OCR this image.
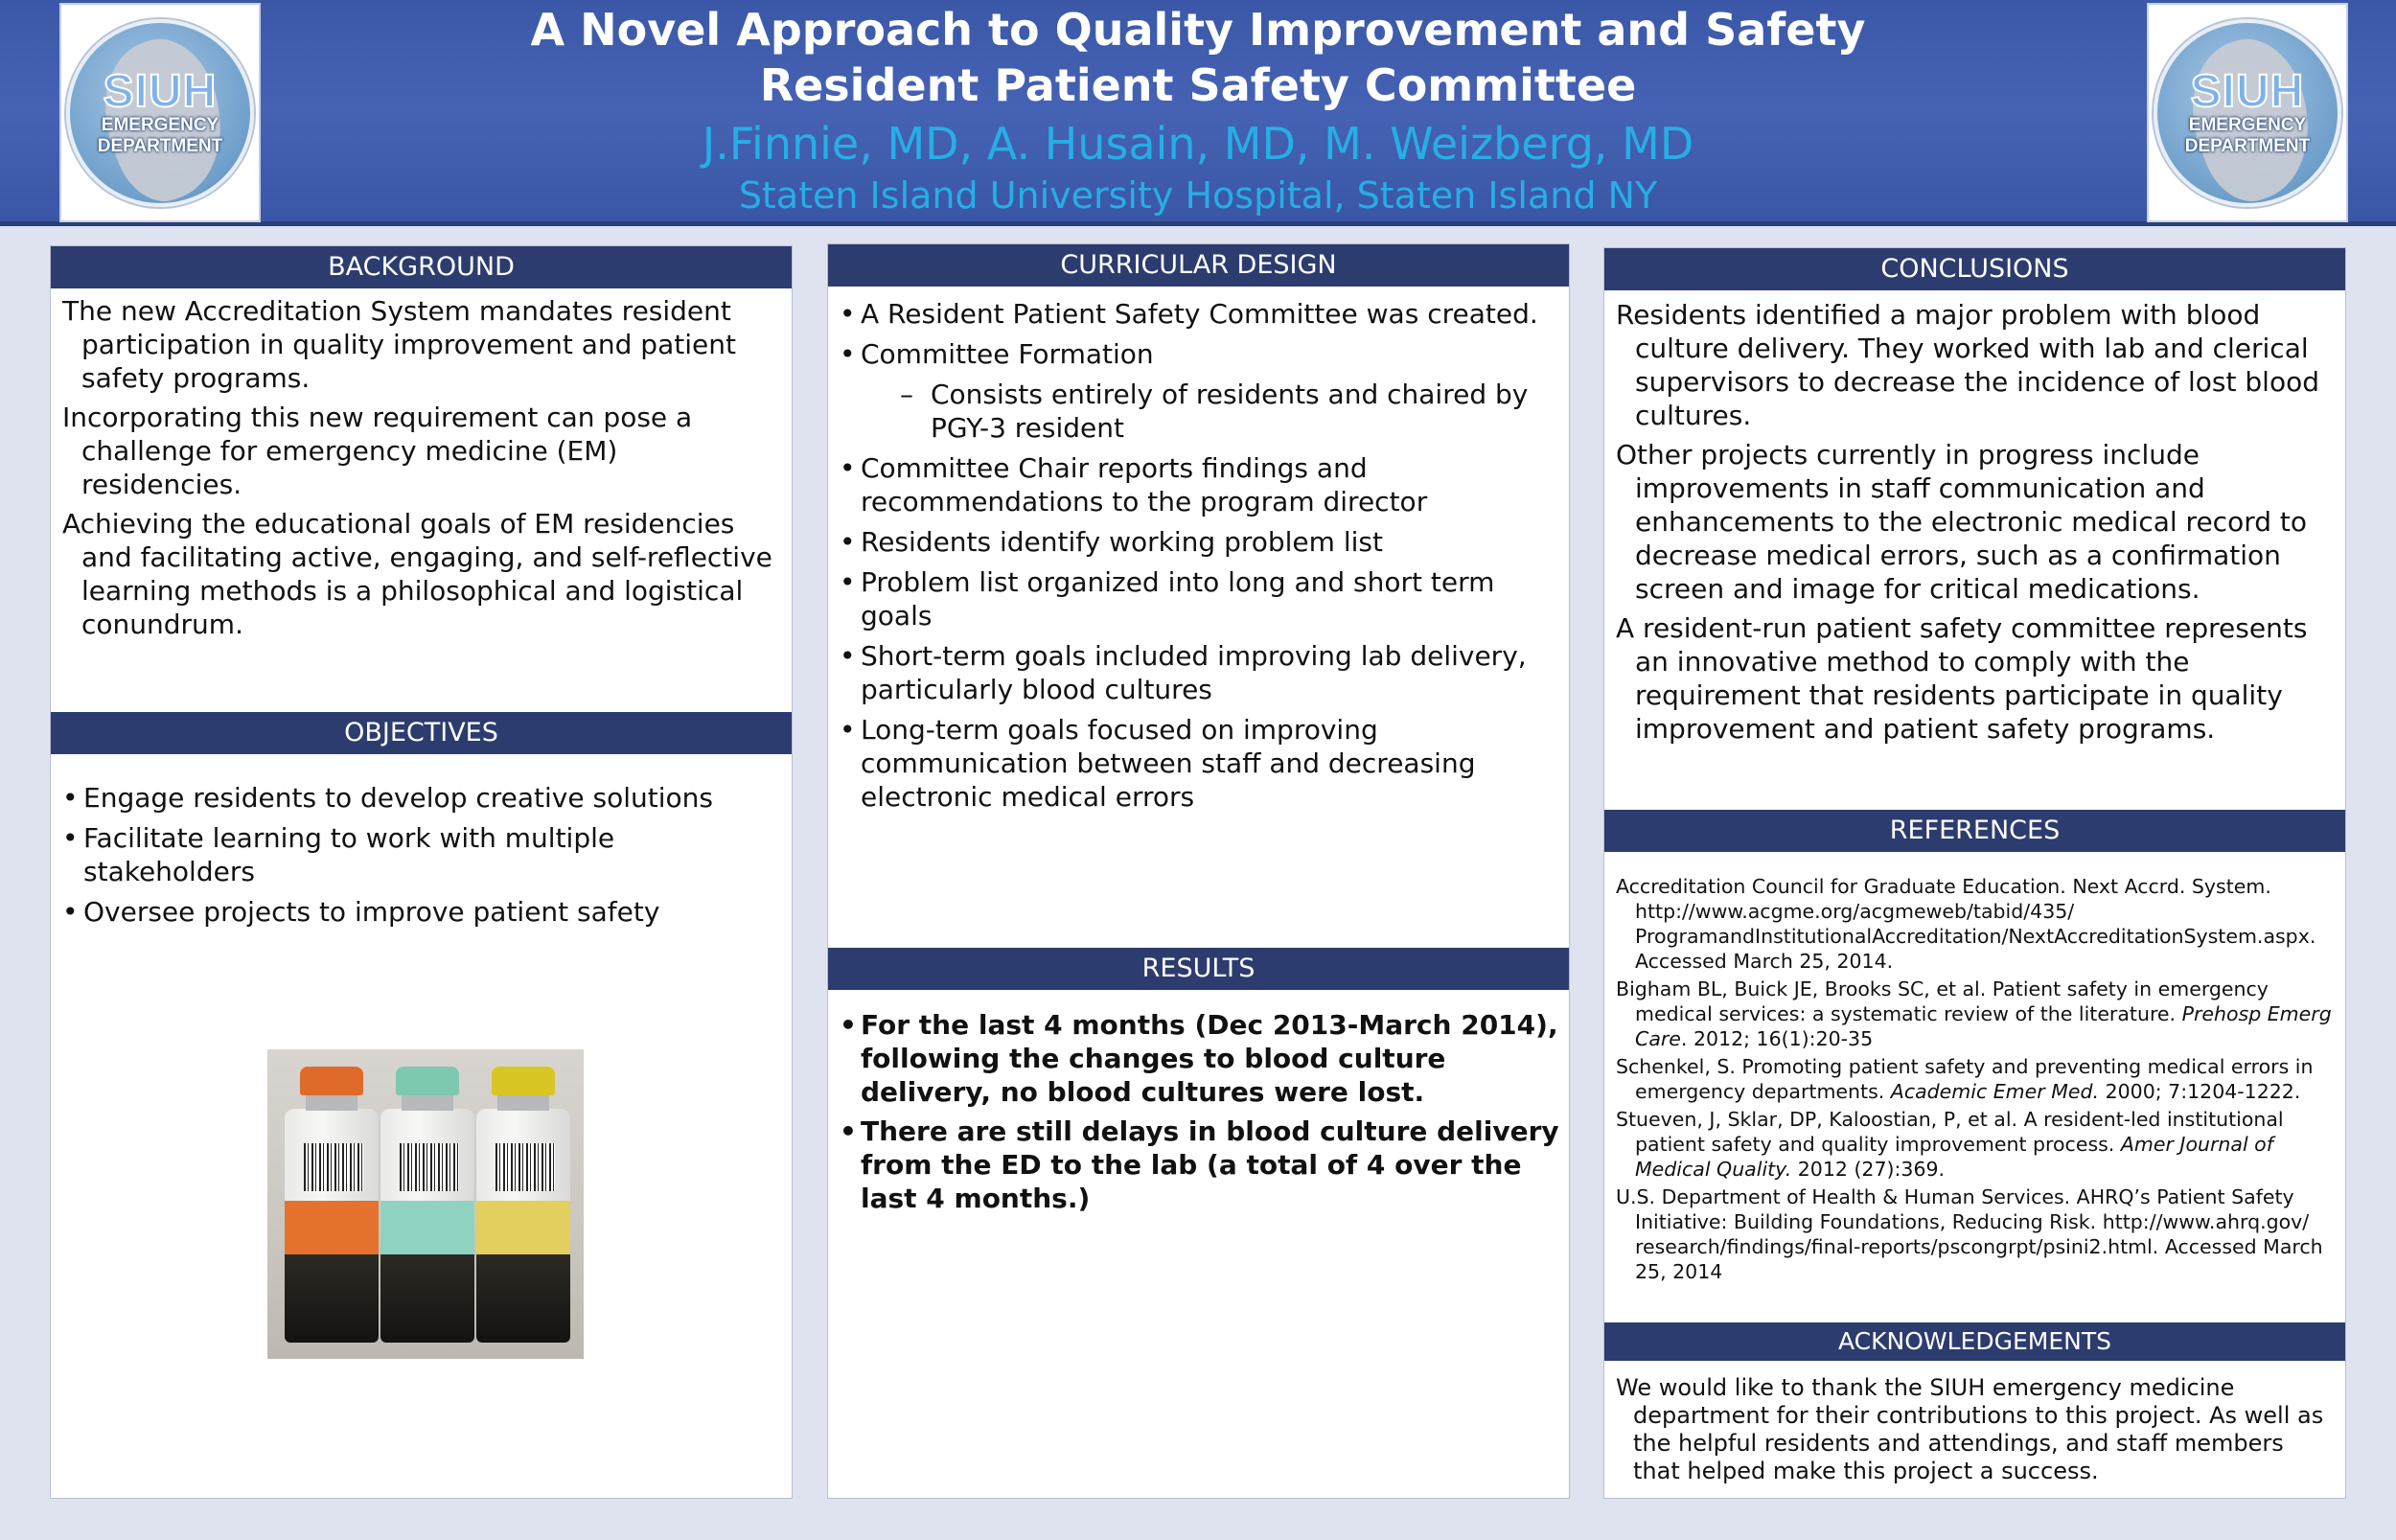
SIUH
EMERGENCY
DEPARTMENT
A Novel Approach to Quality Improvement and Safety
Resident Patient Safety Committee
J.Finnie, MD, A. Husain, MD, M. Weizberg, MD
Staten Island University Hospital, Staten Island NY
SIUH
EMERGENCY
DEPARTMENT
BACKGROUND

The new Accreditation System mandates resident participation in quality improvement and patient safety programs.

Incorporating this new requirement can pose a challenge for emergency medicine (EM) residencies.

Achieving the educational goals of EM residencies and facilitating active, engaging, and self-reflective learning methods is a philosophical and logistical conundrum.

OBJECTIVES
• Engage residents to develop creative solutions
• Facilitate learning to work with multiple stakeholders
• Oversee projects to improve patient safety
CURRICULAR DESIGN
• A Resident Patient Safety Committee was created.
• Committee Formation
– Consists entirely of residents and chaired by PGY-3 resident
• Committee Chair reports findings and recommendations to the program director
• Residents identify working problem list
• Problem list organized into long and short term goals
• Short-term goals included improving lab delivery, particularly blood cultures
• Long-term goals focused on improving communication between staff and decreasing electronic medical errors
RESULTS
• For the last 4 months (Dec 2013-March 2014), following the changes to blood culture delivery, no blood cultures were lost.
• There are still delays in blood culture delivery from the ED to the lab (a total of 4 over the last 4 months.)
CONCLUSIONS

Residents identified a major problem with blood culture delivery. They worked with lab and clerical supervisors to decrease the incidence of lost blood cultures.

Other projects currently in progress include improvements in staff communication and enhancements to the electronic medical record to decrease medical errors, such as a confirmation screen and image for critical medications.

A resident-run patient safety committee represents an innovative method to comply with the requirement that residents participate in quality improvement and patient safety programs.

REFERENCES

Accreditation Council for Graduate Education. Next Accrd. System. http://www.acgme.org/acgmeweb/tabid/435/ ProgramandInstitutionalAccreditation/NextAccreditationSystem.aspx. Accessed March 25, 2014.

Bigham BL, Buick JE, Brooks SC, et al. Patient safety in emergency medical services: a systematic review of the literature. Prehosp Emerg Care. 2012; 16(1):20-35

Schenkel, S. Promoting patient safety and preventing medical errors in emergency departments. Academic Emer Med. 2000; 7:1204-1222.

Stueven, J, Sklar, DP, Kaloostian, P, et al. A resident-led institutional patient safety and quality improvement process. Amer Journal of Medical Quality. 2012 (27):369.

U.S. Department of Health & Human Services. AHRQ’s Patient Safety Initiative: Building Foundations, Reducing Risk. http://www.ahrq.gov/ research/findings/final-reports/pscongrpt/psini2.html. Accessed March 25, 2014

ACKNOWLEDGEMENTS

We would like to thank the SIUH emergency medicine department for their contributions to this project. As well as the helpful residents and attendings, and staff members that helped make this project a success.
